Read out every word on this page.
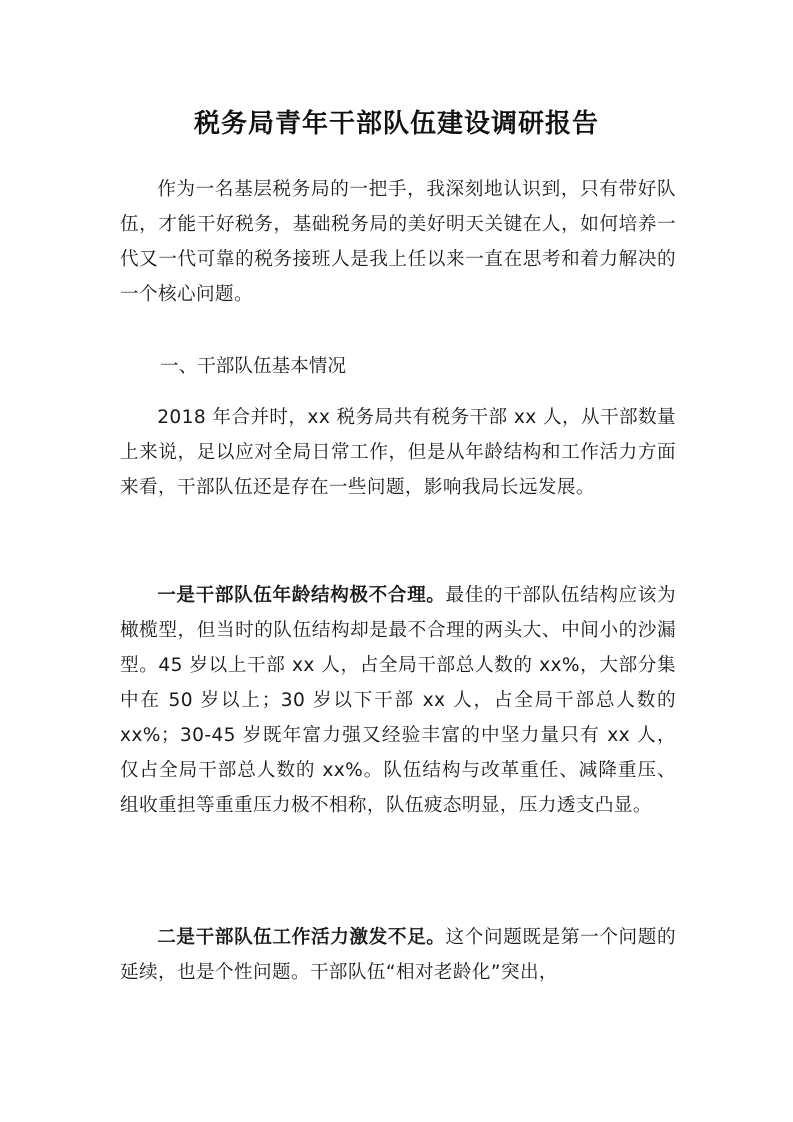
税务局青年干部队伍建设调研报告
作为一名基层税务局的一把手，我深刻地认识到，只有带好队伍，才能干好税务，基础税务局的美好明天关键在人，如何培养一代又一代可靠的税务接班人是我上任以来一直在思考和着力解决的一个核心问题。
一、干部队伍基本情况
2018 年合并时，xx 税务局共有税务干部 xx 人，从干部数量上来说，足以应对全局日常工作，但是从年龄结构和工作活力方面来看，干部队伍还是存在一些问题，影响我局长远发展。
一是干部队伍年龄结构极不合理。最佳的干部队伍结构应该为橄榄型，但当时的队伍结构却是最不合理的两头大、中间小的沙漏型。45 岁以上干部 xx 人，占全局干部总人数的 xx%，大部分集中在 50 岁以上；30 岁以下干部 xx 人，占全局干部总人数的 xx%；30-45 岁既年富力强又经验丰富的中坚力量只有 xx 人，仅占全局干部总人数的 xx%。队伍结构与改革重任、减降重压、组收重担等重重压力极不相称，队伍疲态明显，压力透支凸显。
二是干部队伍工作活力激发不足。这个问题既是第一个问题的延续，也是个性问题。干部队伍“相对老龄化”突出，
